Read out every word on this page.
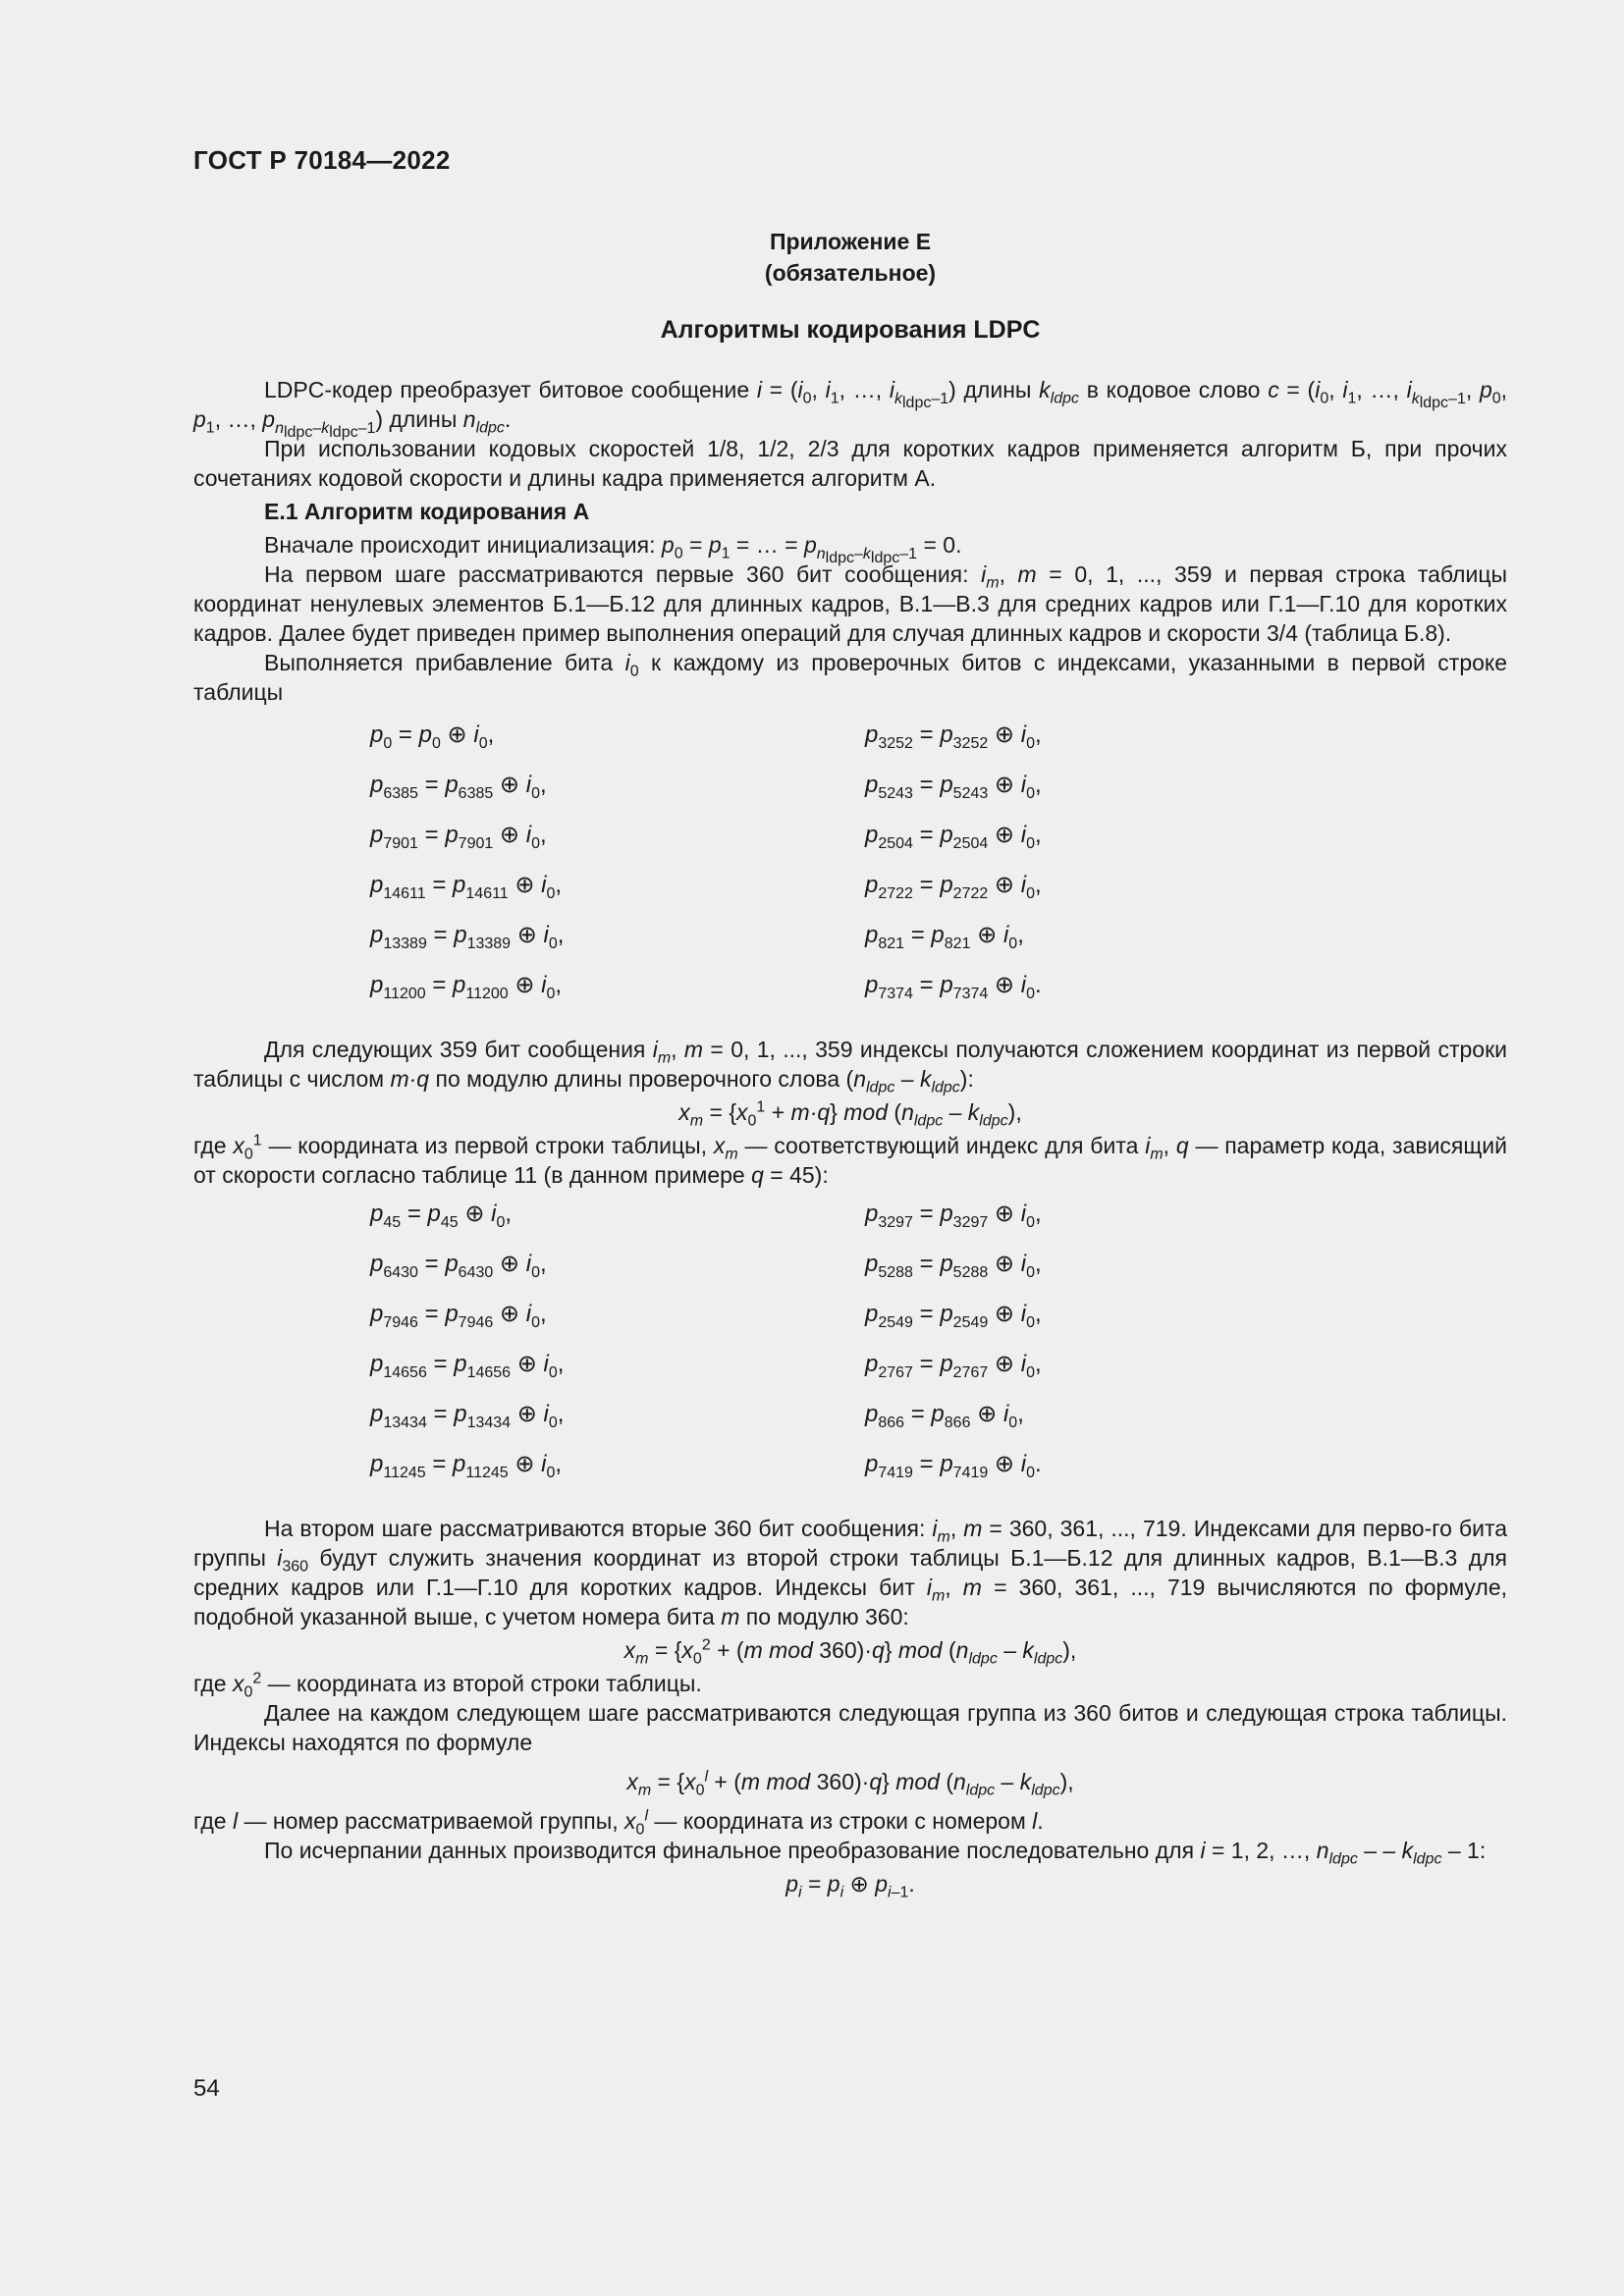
ГОСТ Р 70184—2022
Приложение Е
(обязательное)
Алгоритмы кодирования LDPC

LDPC-кодер преобразует битовое сообщение $i = (i_0$, $i_1$, …, $i_{k_{ldpc}-1}$) длины $k_{ldpc}$ в кодовое слово $c = (i_0$, $i_1$, …, $i_{k_{ldpc}-1}$, $p_0$, $p_1$, …, $p_{n_{ldpc}-k_{ldpc}-1}$) длины $n_{ldpc}$.

При использовании кодовых скоростей 1/8, 1/2, 2/3 для коротких кадров применяется алгоритм Б, при прочих сочетаниях кодовой скорости и длины кадра применяется алгоритм А.

Е.1 Алгоритм кодирования А

Вначале происходит инициализация: $p_0 = p_1$ = … = $p_{n_{ldpc}-k_{ldpc}-1} = 0$.

На первом шаге рассматриваются первые 360 бит сообщения: $i_m$, m = 0, 1, ..., 359 и первая строка таблицы координат ненулевых элементов Б.1—Б.12 для длинных кадров, В.1—В.3 для средних кадров или Г.1—Г.10 для коротких кадров. Далее будет приведен пример выполнения операций для случая длинных кадров и скорости 3/4 (таблица Б.8).

Выполняется прибавление бита $i_0$ к каждому из проверочных битов с индексами, указанными в первой строке таблицы

$p_0 = p_0$ ⊕ $i_0$,	$p_{3252} = p_{3252}$ ⊕ $i_0$,
$p_{6385} = p_{6385}$ ⊕ $i_0$,	$p_{5243} = p_{5243}$ ⊕ $i_0$,
$p_{7901} = p_{7901}$ ⊕ $i_0$,	$p_{2504} = p_{2504}$ ⊕ $i_0$,
$p_{14611} = p_{14611}$ ⊕ $i_0$,	$p_{2722} = p_{2722}$ ⊕ $i_0$,
$p_{13389} = p_{13389}$ ⊕ $i_0$,	$p_{821} = p_{821}$ ⊕ $i_0$,
$p_{11200} = p_{11200}$ ⊕ $i_0$,	$p_{7374} = p_{7374}$ ⊕ $i_0$.

Для следующих 359 бит сообщения $i_m$, m = 0, 1, ..., 359 индексы получаются сложением координат из первой строки таблицы с числом m·q по модулю длины проверочного слова $(n_{ldpc} - k_{ldpc})$:

$x_m = \{x_0^1 + m\cdot q\}$ mod $(n_{ldpc} - k_{ldpc})$,

где $x_0^1$ — координата из первой строки таблицы, $x_m$ — соответствующий индекс для бита $i_m$, q — параметр кода, зависящий от скорости согласно таблице 11 (в данном примере q = 45):

$p_{45} = p_{45}$ ⊕ $i_0$,	$p_{3297} = p_{3297}$ ⊕ $i_0$,
$p_{6430} = p_{6430}$ ⊕ $i_0$,	$p_{5288} = p_{5288}$ ⊕ $i_0$,
$p_{7946} = p_{7946}$ ⊕ $i_0$,	$p_{2549} = p_{2549}$ ⊕ $i_0$,
$p_{14656} = p_{14656}$ ⊕ $i_0$,	$p_{2767} = p_{2767}$ ⊕ $i_0$,
$p_{13434} = p_{13434}$ ⊕ $i_0$,	$p_{866} = p_{866}$ ⊕ $i_0$,
$p_{11245} = p_{11245}$ ⊕ $i_0$,	$p_{7419} = p_{7419}$ ⊕ $i_0$.

На втором шаге рассматриваются вторые 360 бит сообщения: $i_m$, m = 360, 361, ..., 719. Индексами для перво-го бита группы $i_{360}$ будут служить значения координат из второй строки таблицы Б.1—Б.12 для длинных кадров, В.1—В.3 для средних кадров или Г.1—Г.10 для коротких кадров. Индексы бит $i_m$, m = 360, 361, ..., 719 вычисляются по формуле, подобной указанной выше, с учетом номера бита m по модулю 360:

$x_m = \{x_0^2 + (m$ mod 360)·q} mod $(n_{ldpc} - k_{ldpc})$,

где $x_0^2$ — координата из второй строки таблицы.

Далее на каждом следующем шаге рассматриваются следующая группа из 360 битов и следующая строка таблицы. Индексы находятся по формуле

$x_m = \{x_0^l + (m$ mod 360)·q} mod $(n_{ldpc} - k_{ldpc})$,

где l — номер рассматриваемой группы, $x_0^l$ — координата из строки с номером l.

По исчерпании данных производится финальное преобразование последовательно для i = 1, 2, …, $n_{ldpc}$ – – $k_{ldpc} - 1$:

$p_i = p_i$ ⊕ $p_{i-1}$.
54
